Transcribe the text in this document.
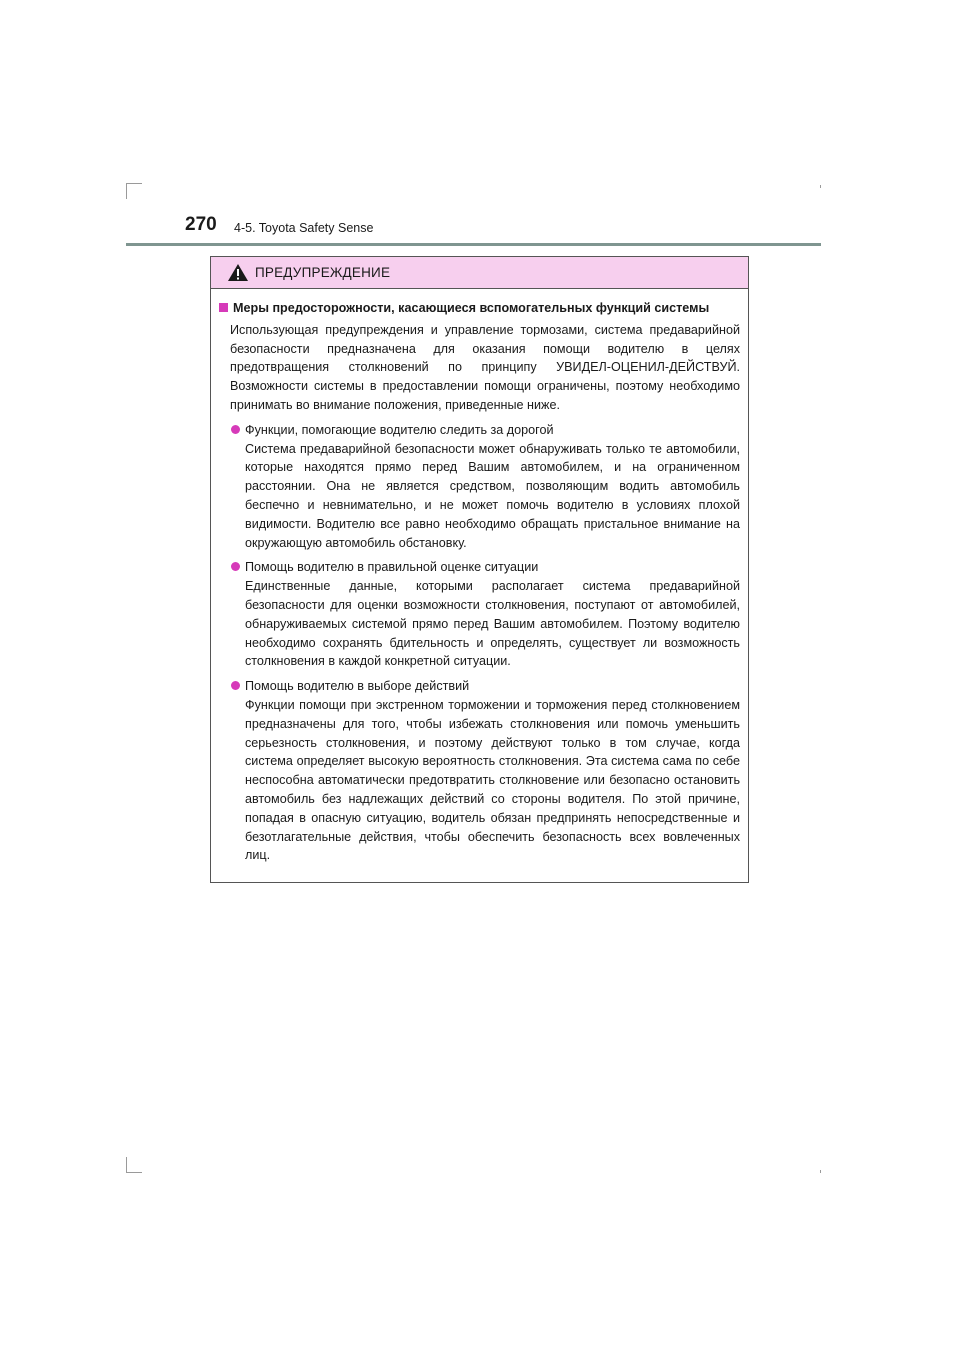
270 4-5. Toyota Safety Sense
ПРЕДУПРЕЖДЕНИЕ
Меры предосторожности, касающиеся вспомогательных функций системы
Использующая предупреждения и управление тормозами, система предаварийной безопасности предназначена для оказания помощи водителю в целях предотвращения столкновений по принципу УВИДЕЛ-ОЦЕНИЛ-ДЕЙСТВУЙ. Возможности системы в предоставлении помощи ограничены, поэтому необходимо принимать во внимание положения, приведенные ниже.
Функции, помогающие водителю следить за дорогой
Система предаварийной безопасности может обнаруживать только те автомобили, которые находятся прямо перед Вашим автомобилем, и на ограниченном расстоянии. Она не является средством, позволяющим водить автомобиль беспечно и невнимательно, и не может помочь водителю в условиях плохой видимости. Водителю все равно необходимо обращать пристальное внимание на окружающую автомобиль обстановку.
Помощь водителю в правильной оценке ситуации
Единственные данные, которыми располагает система предаварийной безопасности для оценки возможности столкновения, поступают от автомобилей, обнаруживаемых системой прямо перед Вашим автомобилем. Поэтому водителю необходимо сохранять бдительность и определять, существует ли возможность столкновения в каждой конкретной ситуации.
Помощь водителю в выборе действий
Функции помощи при экстренном торможении и торможения перед столкновением предназначены для того, чтобы избежать столкновения или помочь уменьшить серьезность столкновения, и поэтому действуют только в том случае, когда система определяет высокую вероятность столкновения. Эта система сама по себе неспособна автоматически предотвратить столкновение или безопасно остановить автомобиль без надлежащих действий со стороны водителя. По этой причине, попадая в опасную ситуацию, водитель обязан предпринять непосредственные и безотлагательные действия, чтобы обеспечить безопасность всех вовлеченных лиц.
